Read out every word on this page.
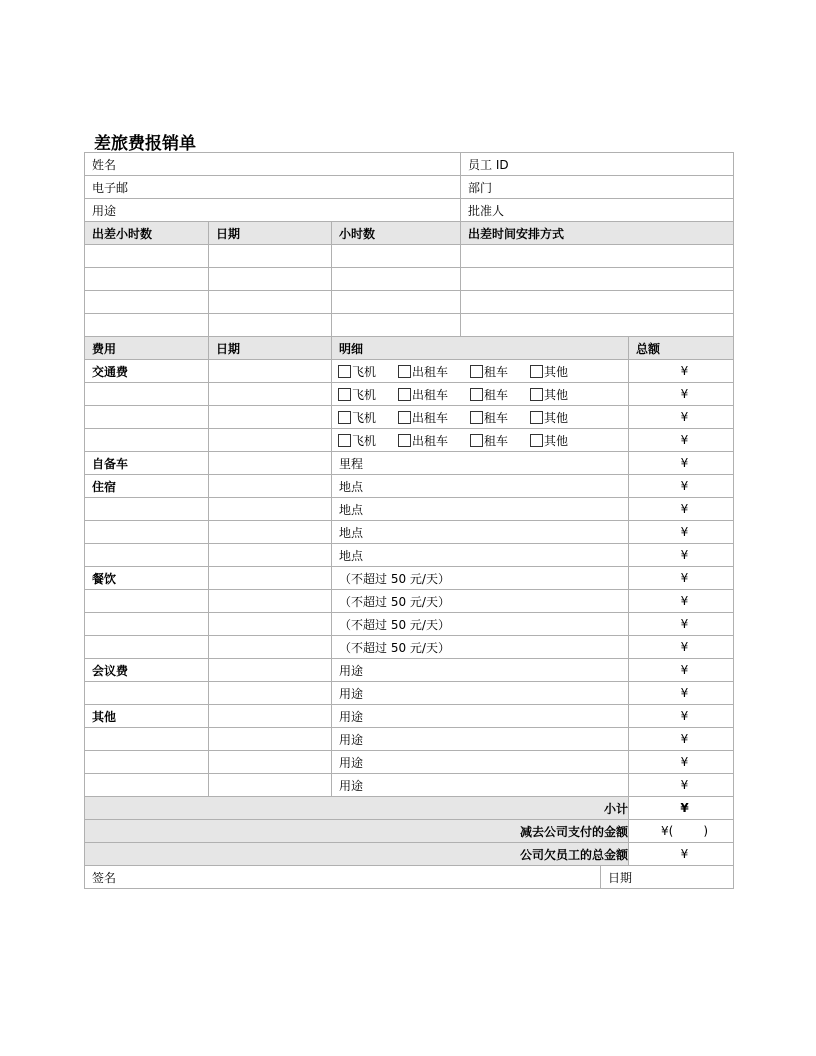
差旅费报销单
姓名			员工 ID		
电子邮			部门		
用途			批准人		
出差小时数	日期	小时数	出差时间安排方式		

费用	日期	明细			总额
交通费		飞机 出租车 租车 其他			¥
		飞机 出租车 租车 其他			¥
		飞机 出租车 租车 其他			¥
		飞机 出租车 租车 其他			¥
自备车		里程			¥
住宿		地点			¥
		地点			¥
		地点			¥
		地点			¥
餐饮		（不超过 50 元/天）			¥
		（不超过 50 元/天）			¥
		（不超过 50 元/天）			¥
		（不超过 50 元/天）			¥
会议费		用途			¥
		用途			¥
其他		用途			¥
		用途			¥
		用途			¥
		用途			¥
小计					¥
减去公司支付的金额					¥( )
公司欠员工的总金额					¥
签名				日期	
